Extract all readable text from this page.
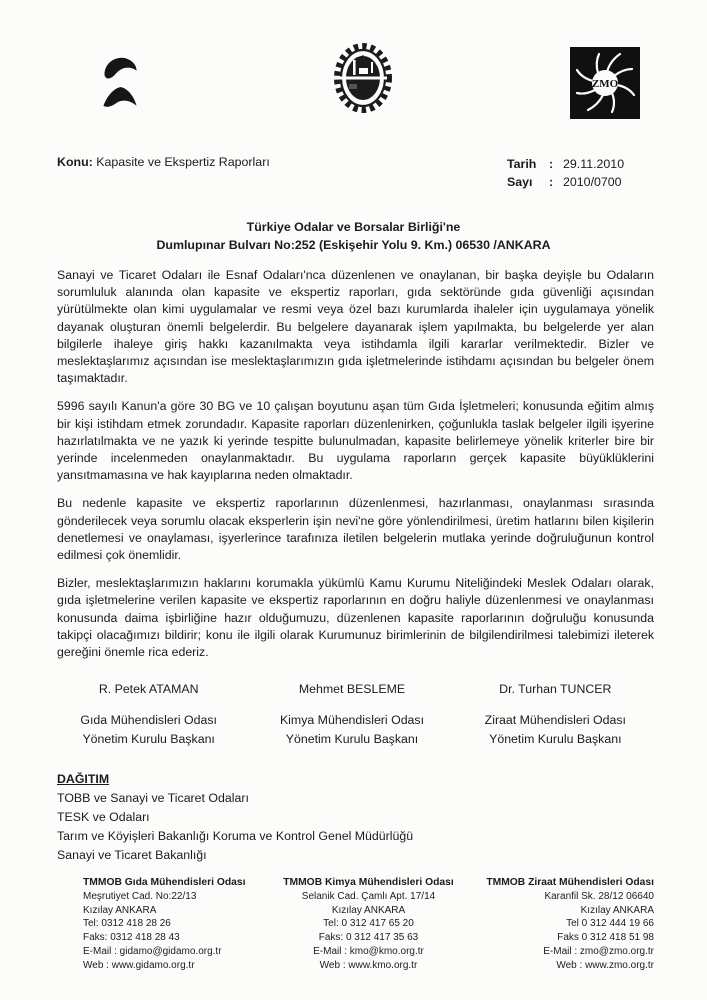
ZMO
Konu: Kapasite ve Ekspertiz Raporları	Tarih	: 29.11.2010
Sayı	: 2010/0700
Türkiye Odalar ve Borsalar Birliği'ne
Dumlupınar Bulvarı No:252 (Eskişehir Yolu 9. Km.) 06530 /ANKARA

Sanayi ve Ticaret Odaları ile Esnaf Odaları'nca düzenlenen ve onaylanan, bir başka deyişle bu Odaların sorumluluk alanında olan kapasite ve ekspertiz raporları, gıda sektöründe gıda güvenliği açısından yürütülmekte olan kimi uygulamalar ve resmi veya özel bazı kurumlarda ihaleler için uygulamaya yönelik dayanak oluşturan önemli belgelerdir. Bu belgelere dayanarak işlem yapılmakta, bu belgelerde yer alan bilgilerle ihaleye giriş hakkı kazanılmakta veya istihdamla ilgili kararlar verilmektedir. Bizler ve meslektaşlarımız açısından ise meslektaşlarımızın gıda işletmelerinde istihdamı açısından bu belgeler önem taşımaktadır.

5996 sayılı Kanun'a göre 30 BG ve 10 çalışan boyutunu aşan tüm Gıda İşletmeleri; konusunda eğitim almış bir kişi istihdam etmek zorundadır. Kapasite raporları düzenlenirken, çoğunlukla taslak belgeler ilgili işyerine hazırlatılmakta ve ne yazık ki yerinde tespitte bulunulmadan, kapasite belirlemeye yönelik kriterler bire bir yerinde incelenmeden onaylanmaktadır. Bu uygulama raporların gerçek kapasite büyüklüklerini yansıtmamasına ve hak kayıplarına neden olmaktadır.

Bu nedenle kapasite ve ekspertiz raporlarının düzenlenmesi, hazırlanması, onaylanması sırasında gönderilecek veya sorumlu olacak eksperlerin işin nevi'ne göre yönlendirilmesi, üretim hatlarını bilen kişilerin denetlemesi ve onaylaması, işyerlerince tarafınıza iletilen belgelerin mutlaka yerinde doğruluğunun kontrol edilmesi çok önemlidir.

Bizler, meslektaşlarımızın haklarını korumakla yükümlü Kamu Kurumu Niteliğindeki Meslek Odaları olarak, gıda işletmelerine verilen kapasite ve ekspertiz raporlarının en doğru haliyle düzenlenmesi ve onaylanması konusunda daima işbirliğine hazır olduğumuzu, düzenlenen kapasite raporlarının doğruluğu konusunda takipçi olacağımızı bildirir; konu ile ilgili olarak Kurumunuz birimlerinin de bilgilendirilmesi talebimizi ileterek gereğini önemle rica ederiz.

R. Petek ATAMAN
Gıda Mühendisleri Odası
Yönetim Kurulu Başkanı
Mehmet BESLEME
Kimya Mühendisleri Odası
Yönetim Kurulu Başkanı
Dr. Turhan TUNCER
Ziraat Mühendisleri Odası
Yönetim Kurulu Başkanı
DAĞITIM
TOBB ve Sanayi ve Ticaret Odaları
TESK ve Odaları
Tarım ve Köyişleri Bakanlığı Koruma ve Kontrol Genel Müdürlüğü
Sanayi ve Ticaret Bakanlığı
TMMOB Gıda Mühendisleri Odası
Meşrutiyet Cad. No:22/13
Kızılay ANKARA
Tel: 0312 418 28 26
Faks: 0312 418 28 43
E-Mail : gidamo@gidamo.org.tr
Web : www.gidamo.org.tr
TMMOB Kimya Mühendisleri Odası
Selanik Cad. Çamlı Apt. 17/14
Kızılay ANKARA
Tel: 0 312 417 65 20
Faks: 0 312 417 35 63
E-Mail : kmo@kmo.org.tr
Web : www.kmo.org.tr
TMMOB Ziraat Mühendisleri Odası
Karanfil Sk. 28/12 06640
Kızılay ANKARA
Tel 0 312 444 19 66
Faks 0 312 418 51 98
E-Mail : zmo@zmo.org.tr
Web : www.zmo.org.tr
